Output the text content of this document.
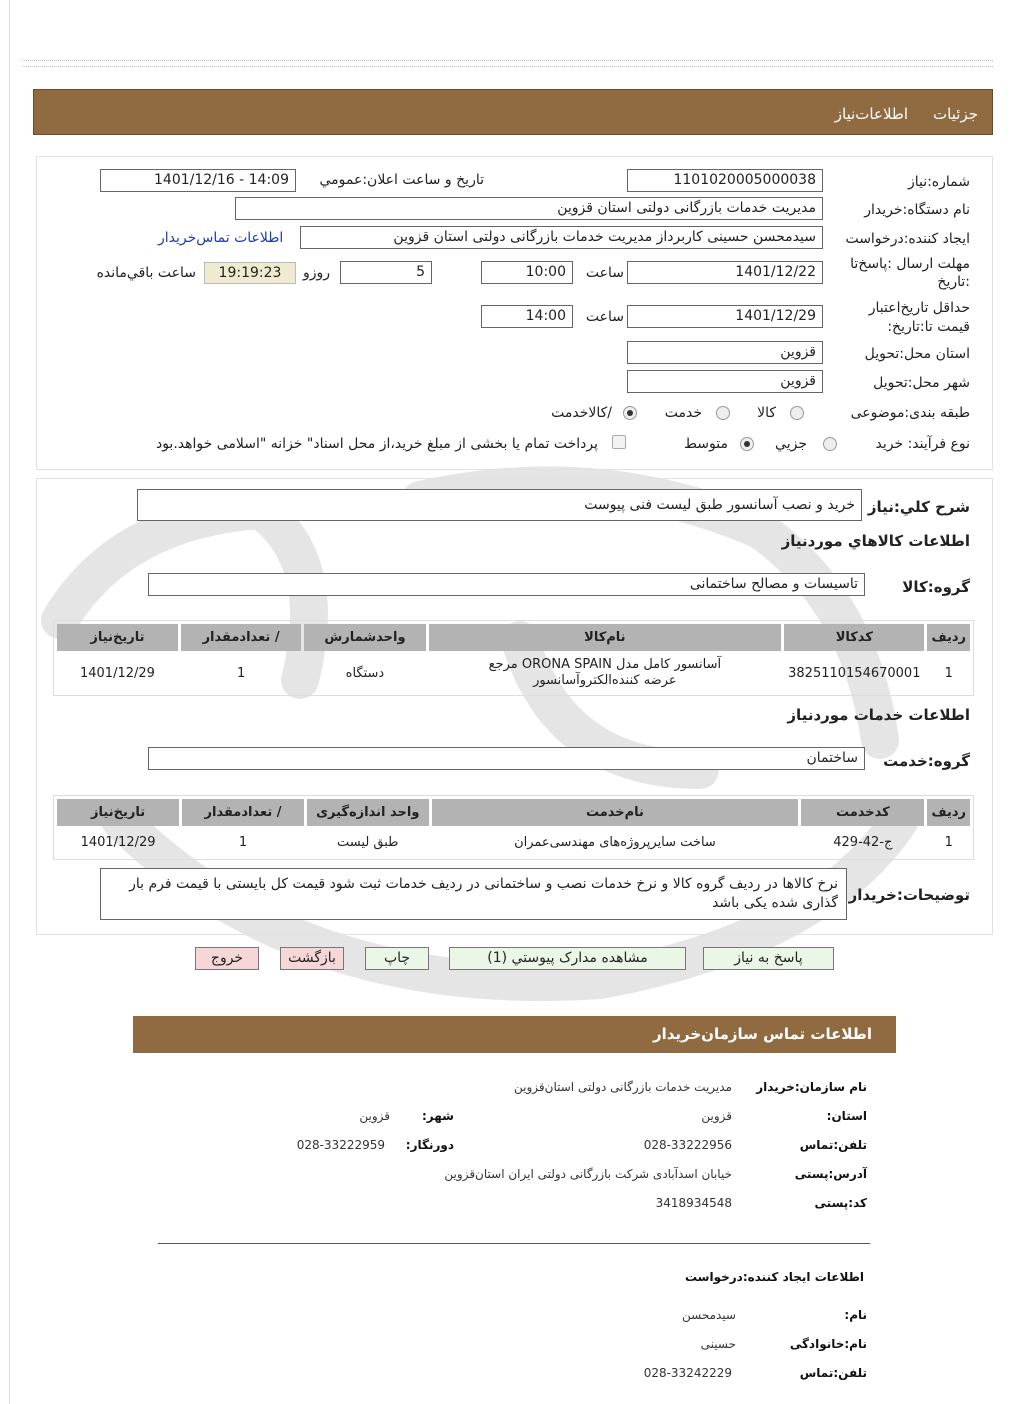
جزئیات
اطلاعات‌نیاز
شماره:نیاز
1101020005000038
تاریخ و ساعت اعلان:عمومي
1401/12/16 - 14:09
نام دستگاه:خریدار
مدیریت خدمات بازرگانی دولتی استان قزوین
ایجاد کننده:درخواست
سیدمحسن حسینی کاربرداز مدیریت خدمات بازرگانی دولتی استان قزوین
اطلاعات تماس‌خریدار
مهلت ارسال :پاسخ‌تا
:تاریخ
1401/12/22
ساعت
10:00
5
روزو
19:19:23
ساعت باقي‌مانده
حداقل تاریخ‌اعتبار
قیمت تا:تاریخ:
1401/12/29
ساعت
14:00
استان محل:تحویل
قزوین
شهر محل:تحویل
قزوین
طبقه بندی:موضوعی
کالا
خدمت
/کالاخدمت
نوع فرآیند: خرید
جزیي
متوسط
پرداخت تمام یا بخشی از مبلغ خرید،از محل اسناد" خزانه "اسلامی خواهد.بود
شرح کلي:نیاز
خرید و نصب آسانسور طبق لیست فنی پیوست
اطلاعات کالاهاي موردنیاز
گروه:کالا
تاسیسات و مصالح ساختمانی
ردیف	کدکالا	نام‌کالا	واحدشمارش	/ تعدادمقدار	تاریخ‌نیاز
1	3825110154670001	آسانسور کامل مدل ORONA SPAIN مرجع
عرضه کننده‌الکتروآسانسور	دستگاه	1	1401/12/29
اطلاعات خدمات موردنیاز
گروه:خدمت
ساختمان
ردیف	کدخدمت	نام‌خدمت	واحد اندازه‌گیری	/ تعدادمقدار	تاریخ‌نیاز
1	ج-42-429	ساخت سایرپروژه‌های مهندسی‌عمران	طبق لیست	1	1401/12/29
توضیحات:خریدار
نرخ کالاها در ردیف گروه کالا و نرخ خدمات نصب و ساختمانی در ردیف خدمات ثبت شود قیمت کل بایستی با قیمت فرم بار گذاری شده یکی باشد
پاسخ به نیاز
مشاهده مدارک پیوستي (1)
چاپ
بازگشت
خروج
اطلاعات تماس سازمان‌خریدار
نام سازمان:خریدار
مدیریت خدمات بازرگانی دولتی استان‌قزوین
استان:
قزوین
شهر:
قزوین
تلفن:تماس
028-33222956
دورنگار:
028-33222959
آدرس:پستی
خیابان اسدآبادی شرکت بازرگانی دولتی ایران استان‌قزوین
کد:پستی
3418934548
اطلاعات ایجاد کننده:درخواست
نام:
سیدمحسن
نام:خانوادگی
حسینی
تلفن:تماس
028-33242229
